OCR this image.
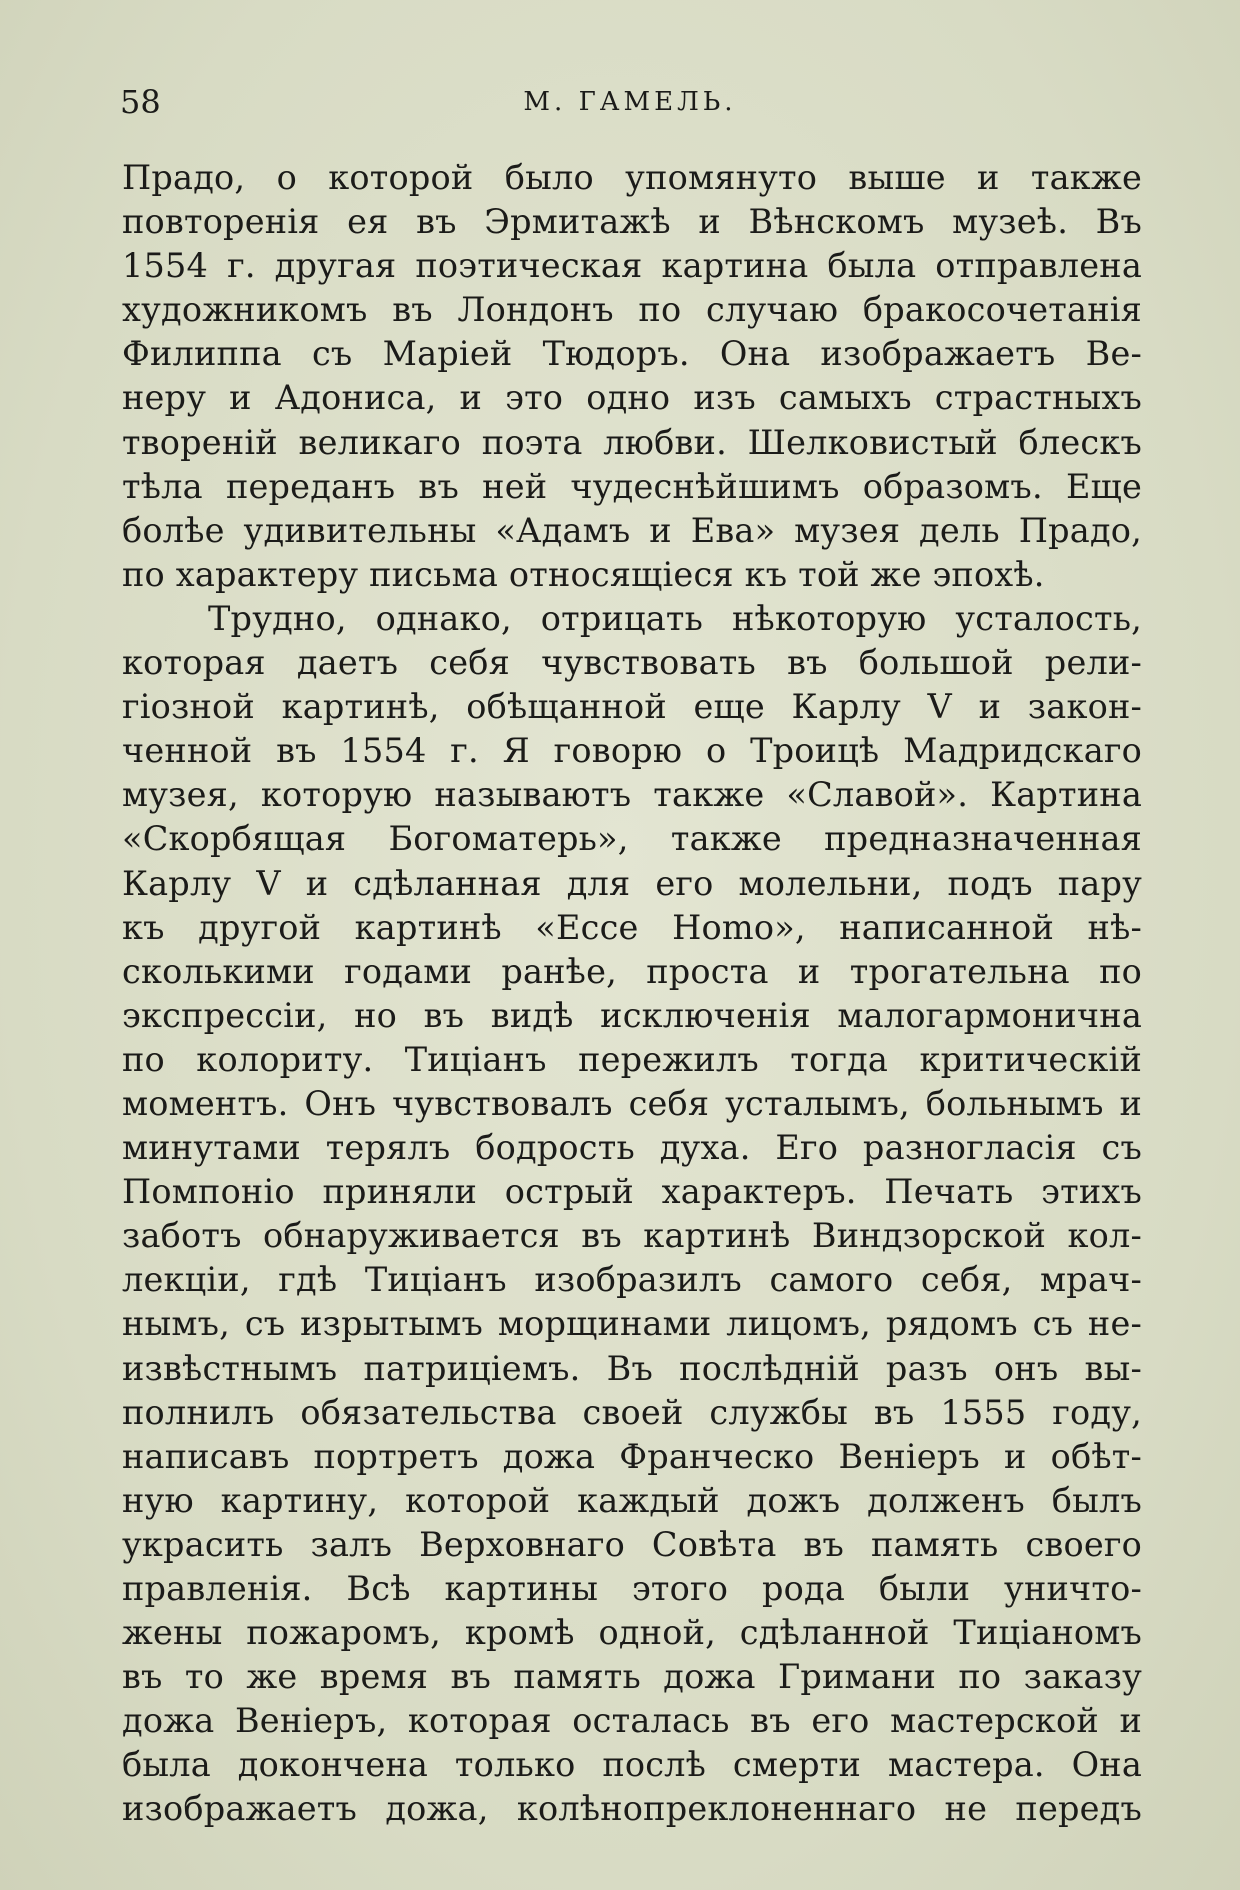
58	М. ГАМЕЛЬ.
Прадо, о которой было упомянуто выше и также
повторенія ея въ Эрмитажѣ и Вѣнскомъ музеѣ. Въ
1554 г. другая поэтическая картина была отправлена
художникомъ въ Лондонъ по случаю бракосочетанія
Филиппа съ Маріей Тюдоръ. Она изображаетъ Ве-
неру и Адониса, и это одно изъ самыхъ страстныхъ
твореній великаго поэта любви. Шелковистый блескъ
тѣла переданъ въ ней чудеснѣйшимъ образомъ. Еще
болѣе удивительны «Адамъ и Ева» музея дель Прадо,
по характеру письма относящіеся къ той же эпохѣ.
Трудно, однако, отрицать нѣкоторую усталость,
которая даетъ себя чувствовать въ большой рели-
гіозной картинѣ, обѣщанной еще Карлу V и закон-
ченной въ 1554 г. Я говорю о Троицѣ Мадридскаго
музея, которую называютъ также «Славой». Картина
«Скорбящая Богоматерь», также предназначенная
Карлу V и сдѣланная для его молельни, подъ пару
къ другой картинѣ «Ecce Homo», написанной нѣ-
сколькими годами ранѣе, проста и трогательна по
экспрессіи, но въ видѣ исключенія малогармонична
по колориту. Тиціанъ пережилъ тогда критическій
моментъ. Онъ чувствовалъ себя усталымъ, больнымъ и
минутами терялъ бодрость духа. Его разногласія съ
Помпоніо приняли острый характеръ. Печать этихъ
заботъ обнаруживается въ картинѣ Виндзорской кол-
лекціи, гдѣ Тиціанъ изобразилъ самого себя, мрач-
нымъ, съ изрытымъ морщинами лицомъ, рядомъ съ не-
извѣстнымъ патриціемъ. Въ послѣдній разъ онъ вы-
полнилъ обязательства своей службы въ 1555 году,
написавъ портретъ дожа Франческо Веніеръ и обѣт-
ную картину, которой каждый дожъ долженъ былъ
украсить залъ Верховнаго Совѣта въ память своего
правленія. Всѣ картины этого рода были уничто-
жены пожаромъ, кромѣ одной, сдѣланной Тиціаномъ
въ то же время въ память дожа Гримани по заказу
дожа Веніеръ, которая осталась въ его мастерской и
была докончена только послѣ смерти мастера. Она
изображаетъ дожа, колѣнопреклоненнаго не передъ
